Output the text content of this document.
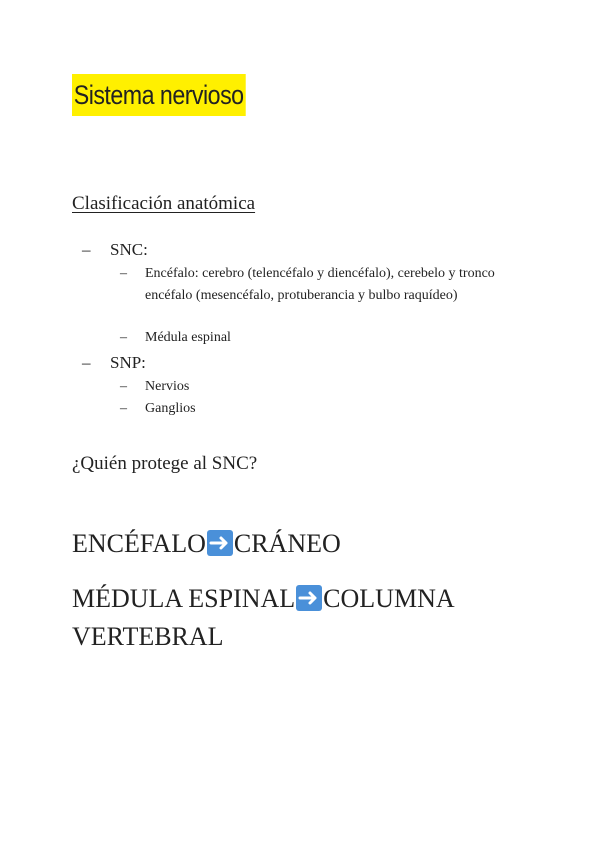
Sistema nervioso
Clasificación anatómica
– SNC:
– Encéfalo: cerebro (telencéfalo y diencéfalo), cerebelo y tronco encéfalo (mesencéfalo, protuberancia y bulbo raquídeo)
– Médula espinal
– SNP:
– Nervios
– Ganglios
¿Quién protege al SNC?
ENCÉFALO CRÁNEO
MÉDULA ESPINAL COLUMNA VERTEBRAL
